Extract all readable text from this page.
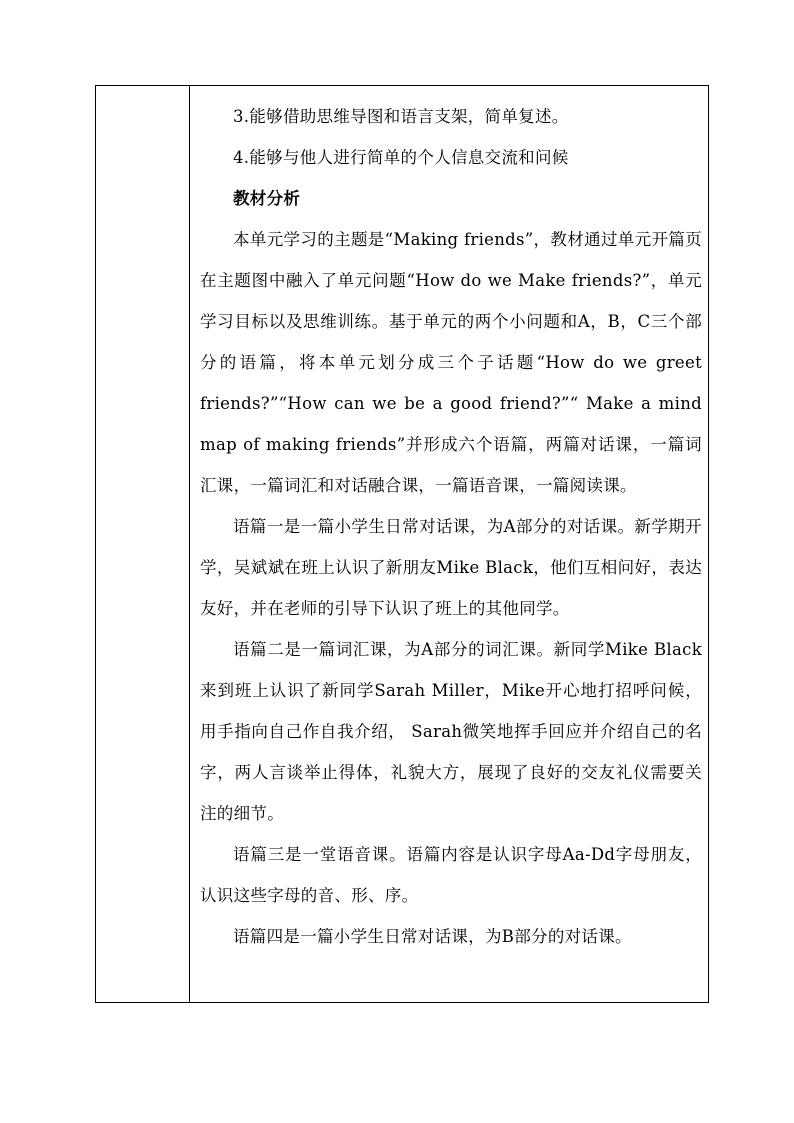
3.能够借助思维导图和语言支架，简单复述。

4.能够与他人进行简单的个人信息交流和问候

教材分析

本单元学习的主题是“Making friends”，教材通过单元开篇页在主题图中融入了单元问题“How do we Make friends?”，单元学习目标以及思维训练。基于单元的两个小问题和A，B，C三个部分的语篇，将本单元划分成三个子话题“How do we greet friends?”“How can we be a good friend?”“ Make a mind map of making friends”并形成六个语篇，两篇对话课，一篇词汇课，一篇词汇和对话融合课，一篇语音课，一篇阅读课。

语篇一是一篇小学生日常对话课，为A部分的对话课。新学期开学，吴斌斌在班上认识了新朋友Mike Black，他们互相问好，表达友好，并在老师的引导下认识了班上的其他同学。

语篇二是一篇词汇课，为A部分的词汇课。新同学Mike Black来到班上认识了新同学Sarah Miller，Mike开心地打招呼问候，用手指向自己作自我介绍， Sarah微笑地挥手回应并介绍自己的名字，两人言谈举止得体，礼貌大方，展现了良好的交友礼仪需要关注的细节。

语篇三是一堂语音课。语篇内容是认识字母Aa-Dd字母朋友，认识这些字母的音、形、序。

语篇四是一篇小学生日常对话课，为B部分的对话课。
